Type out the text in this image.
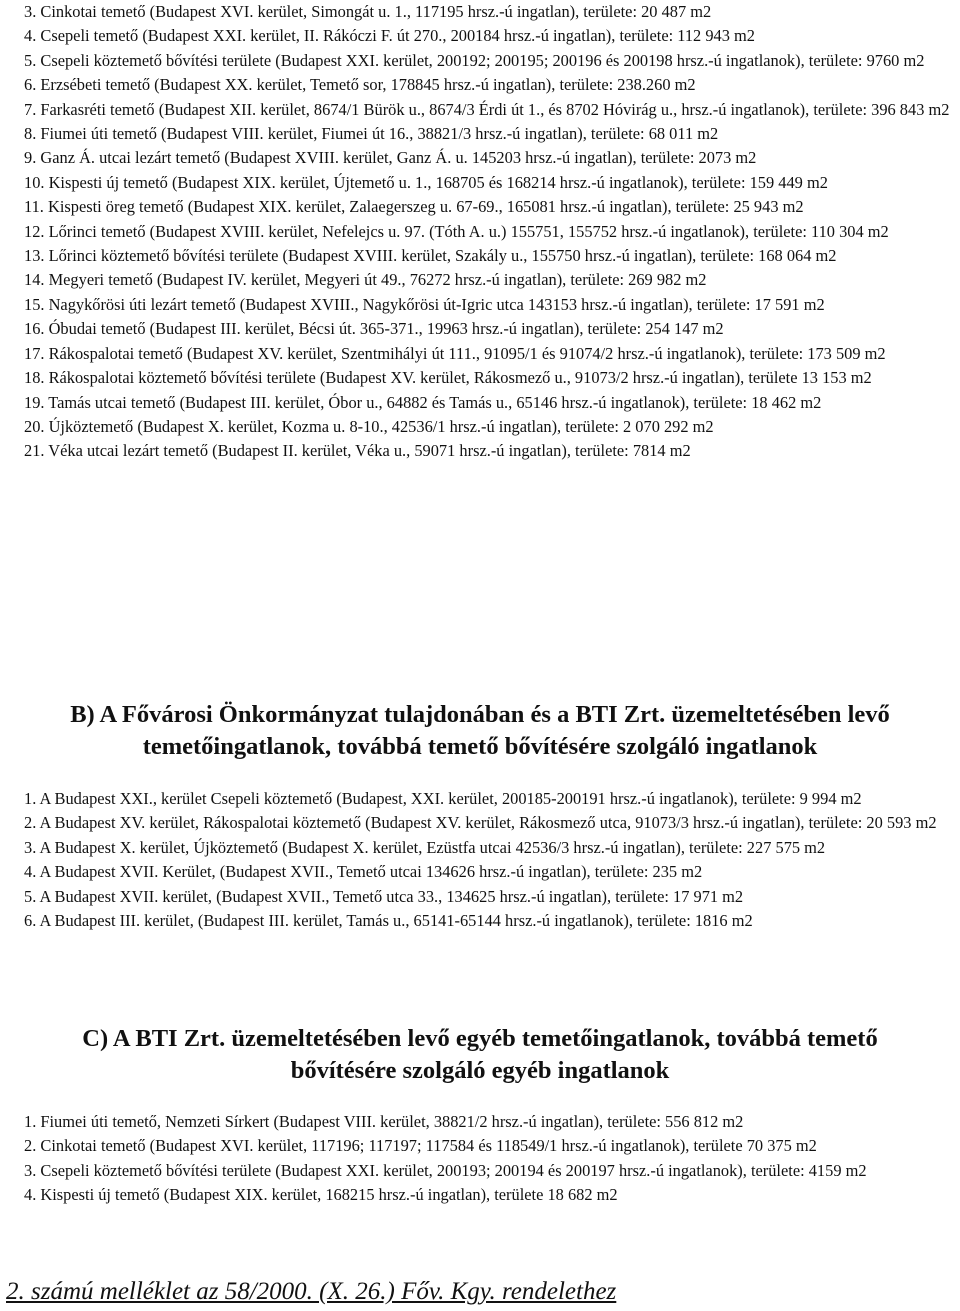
3. Cinkotai temető (Budapest XVI. kerület, Simongát u. 1., 117195 hrsz.-ú ingatlan), területe: 20 487 m2

4. Csepeli temető (Budapest XXI. kerület, II. Rákóczi F. út 270., 200184 hrsz.-ú ingatlan), területe: 112 943 m2

5. Csepeli köztemető bővítési területe (Budapest XXI. kerület, 200192; 200195; 200196 és 200198 hrsz.-ú ingatlanok), területe: 9760 m2

6. Erzsébeti temető (Budapest XX. kerület, Temető sor, 178845 hrsz.-ú ingatlan), területe: 238.260 m2

7. Farkasréti temető (Budapest XII. kerület, 8674/1 Bürök u., 8674/3 Érdi út 1., és 8702 Hóvirág u., hrsz.-ú ingatlanok), területe: 396 843 m2

8. Fiumei úti temető (Budapest VIII. kerület, Fiumei út 16., 38821/3 hrsz.-ú ingatlan), területe: 68 011 m2

9. Ganz Á. utcai lezárt temető (Budapest XVIII. kerület, Ganz Á. u. 145203 hrsz.-ú ingatlan), területe: 2073 m2

10. Kispesti új temető (Budapest XIX. kerület, Újtemető u. 1., 168705 és 168214 hrsz.-ú ingatlanok), területe: 159 449 m2

11. Kispesti öreg temető (Budapest XIX. kerület, Zalaegerszeg u. 67-69., 165081 hrsz.-ú ingatlan), területe: 25 943 m2

12. Lőrinci temető (Budapest XVIII. kerület, Nefelejcs u. 97. (Tóth A. u.) 155751, 155752 hrsz.-ú ingatlanok), területe: 110 304 m2

13. Lőrinci köztemető bővítési területe (Budapest XVIII. kerület, Szakály u., 155750 hrsz.-ú ingatlan), területe: 168 064 m2

14. Megyeri temető (Budapest IV. kerület, Megyeri út 49., 76272 hrsz.-ú ingatlan), területe: 269 982 m2

15. Nagykőrösi úti lezárt temető (Budapest XVIII., Nagykőrösi út-Igric utca 143153 hrsz.-ú ingatlan), területe: 17 591 m2

16. Óbudai temető (Budapest III. kerület, Bécsi út. 365-371., 19963 hrsz.-ú ingatlan), területe: 254 147 m2

17. Rákospalotai temető (Budapest XV. kerület, Szentmihályi út 111., 91095/1 és 91074/2 hrsz.-ú ingatlanok), területe: 173 509 m2

18. Rákospalotai köztemető bővítési területe (Budapest XV. kerület, Rákosmező u., 91073/2 hrsz.-ú ingatlan), területe 13 153 m2

19. Tamás utcai temető (Budapest III. kerület, Óbor u., 64882 és Tamás u., 65146 hrsz.-ú ingatlanok), területe: 18 462 m2

20. Újköztemető (Budapest X. kerület, Kozma u. 8-10., 42536/1 hrsz.-ú ingatlan), területe: 2 070 292 m2

21. Véka utcai lezárt temető (Budapest II. kerület, Véka u., 59071 hrsz.-ú ingatlan), területe: 7814 m2

B) A Fővárosi Önkormányzat tulajdonában és a BTI Zrt. üzemeltetésében levő temetőingatlanok, továbbá temető bővítésére szolgáló ingatlanok

1. A Budapest XXI., kerület Csepeli köztemető (Budapest, XXI. kerület, 200185-200191 hrsz.-ú ingatlanok), területe: 9 994 m2

2. A Budapest XV. kerület, Rákospalotai köztemető (Budapest XV. kerület, Rákosmező utca, 91073/3 hrsz.-ú ingatlan), területe: 20 593 m2

3. A Budapest X. kerület, Újköztemető (Budapest X. kerület, Ezüstfa utcai 42536/3 hrsz.-ú ingatlan), területe: 227 575 m2

4. A Budapest XVII. Kerület, (Budapest XVII., Temető utcai 134626 hrsz.-ú ingatlan), területe: 235 m2

5. A Budapest XVII. kerület, (Budapest XVII., Temető utca 33., 134625 hrsz.-ú ingatlan), területe: 17 971 m2

6. A Budapest III. kerület, (Budapest III. kerület, Tamás u., 65141-65144 hrsz.-ú ingatlanok), területe: 1816 m2

C) A BTI Zrt. üzemeltetésében levő egyéb temetőingatlanok, továbbá temető bővítésére szolgáló egyéb ingatlanok

1. Fiumei úti temető, Nemzeti Sírkert (Budapest VIII. kerület, 38821/2 hrsz.-ú ingatlan), területe: 556 812 m2

2. Cinkotai temető (Budapest XVI. kerület, 117196; 117197; 117584 és 118549/1 hrsz.-ú ingatlanok), területe 70 375 m2

3. Csepeli köztemető bővítési területe (Budapest XXI. kerület, 200193; 200194 és 200197 hrsz.-ú ingatlanok), területe: 4159 m2

4. Kispesti új temető (Budapest XIX. kerület, 168215 hrsz.-ú ingatlan), területe 18 682 m2

2. számú melléklet az 58/2000. (X. 26.) Főv. Kgy. rendelethez
